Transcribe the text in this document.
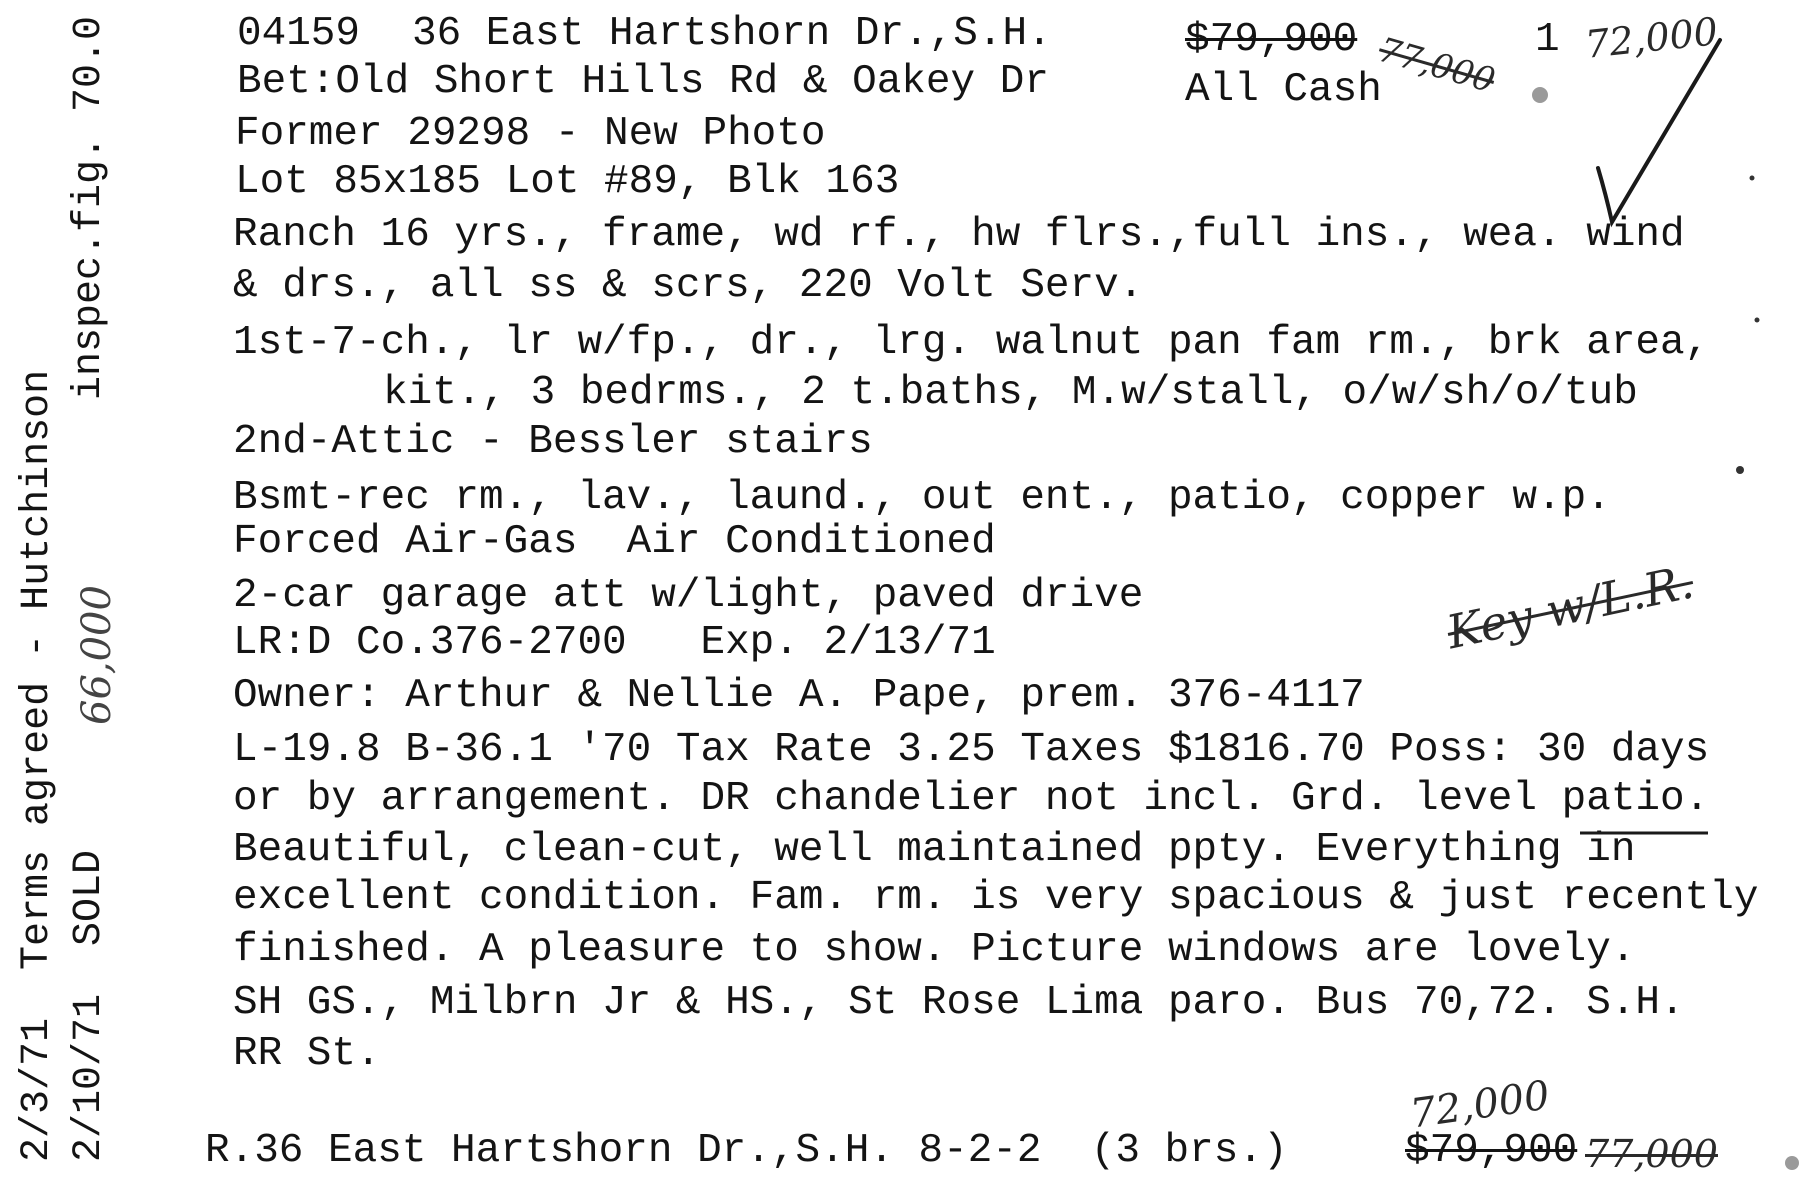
2/3/71  Terms agreed - Hutchinson 2/10/71  SOLD
66,000
inspec.fig. 70.0	04159 36 East Hartshorn Dr.,S.H.	$79,900 77,000 1 72,000
Bet:Old Short Hills Rd & Oakey Dr	All Cash
Former 29298 - New Photo
Lot 85x185 Lot #89, Blk 163
Ranch 16 yrs., frame, wd rf., hw flrs.,full ins., wea. wind
& drs., all ss & scrs, 220 Volt Serv.
1st-7-ch., lr w/fp., dr., lrg. walnut pan fam rm., brk area,
kit., 3 bedrms., 2 t.baths, M.w/stall, o/w/sh/o/tub
2nd-Attic - Bessler stairs
Bsmt-rec rm., lav., laund., out ent., patio, copper w.p.
Forced Air-Gas  Air Conditioned
2-car garage att w/light, paved drive
LR:D Co.376-2700   Exp. 2/13/71
Owner: Arthur & Nellie A. Pape, prem. 376-4117
L-19.8 B-36.1 '70 Tax Rate 3.25 Taxes $1816.70 Poss: 30 days
or by arrangement. DR chandelier not incl. Grd. level patio.
Beautiful, clean-cut, well maintained ppty. Everything in
excellent condition. Fam. rm. is very spacious & just recently
finished. A pleasure to show. Picture windows are lovely.
SH GS., Milbrn Jr & HS., St Rose Lima paro. Bus 70,72. S.H.
RR St.
Key w/L.R.
R.36 East Hartshorn Dr.,S.H. 8-2-2  (3 brs.)	$79,900 77,000
72,000
